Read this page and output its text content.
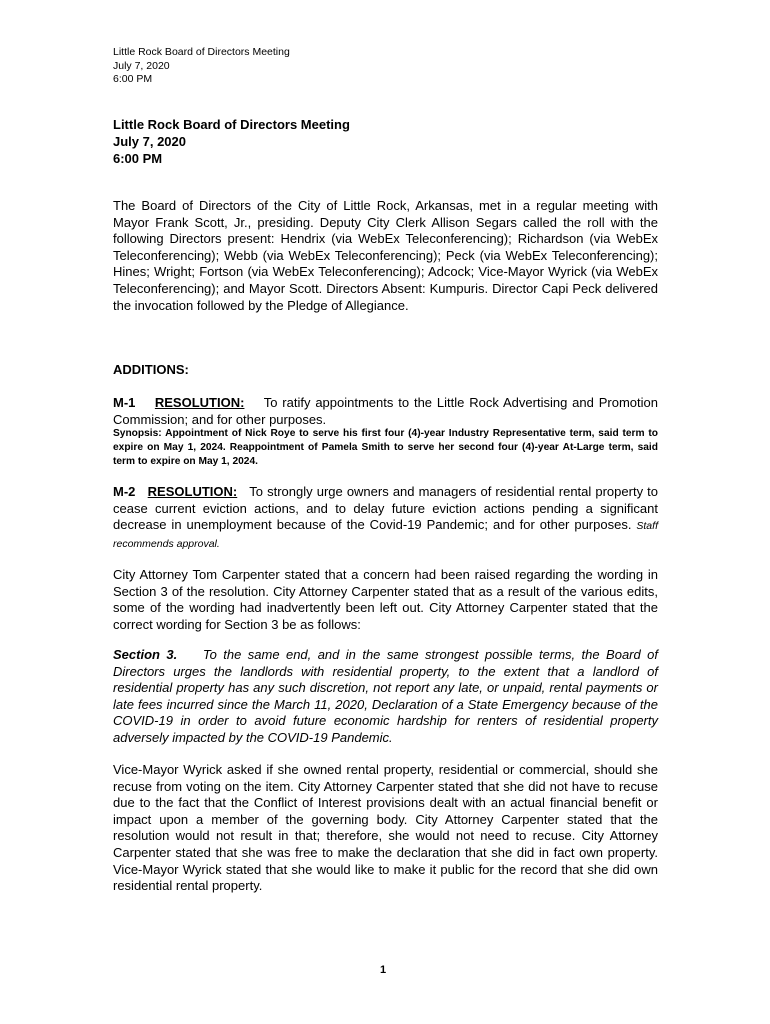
Little Rock Board of Directors Meeting
July 7, 2020
6:00 PM
Little Rock Board of Directors Meeting
July 7, 2020
6:00 PM
The Board of Directors of the City of Little Rock, Arkansas, met in a regular meeting with Mayor Frank Scott, Jr., presiding. Deputy City Clerk Allison Segars called the roll with the following Directors present: Hendrix (via WebEx Teleconferencing); Richardson (via WebEx Teleconferencing); Webb (via WebEx Teleconferencing); Peck (via WebEx Teleconferencing); Hines; Wright; Fortson (via WebEx Teleconferencing); Adcock; Vice-Mayor Wyrick (via WebEx Teleconferencing); and Mayor Scott. Directors Absent: Kumpuris. Director Capi Peck delivered the invocation followed by the Pledge of Allegiance.
ADDITIONS:
M-1 RESOLUTION: To ratify appointments to the Little Rock Advertising and Promotion Commission; and for other purposes.
Synopsis: Appointment of Nick Roye to serve his first four (4)-year Industry Representative term, said term to expire on May 1, 2024. Reappointment of Pamela Smith to serve her second four (4)-year At-Large term, said term to expire on May 1, 2024.
M-2 RESOLUTION: To strongly urge owners and managers of residential rental property to cease current eviction actions, and to delay future eviction actions pending a significant decrease in unemployment because of the Covid-19 Pandemic; and for other purposes. Staff recommends approval.
City Attorney Tom Carpenter stated that a concern had been raised regarding the wording in Section 3 of the resolution. City Attorney Carpenter stated that as a result of the various edits, some of the wording had inadvertently been left out. City Attorney Carpenter stated that the correct wording for Section 3 be as follows:
Section 3. To the same end, and in the same strongest possible terms, the Board of Directors urges the landlords with residential property, to the extent that a landlord of residential property has any such discretion, not report any late, or unpaid, rental payments or late fees incurred since the March 11, 2020, Declaration of a State Emergency because of the COVID-19 in order to avoid future economic hardship for renters of residential property adversely impacted by the COVID-19 Pandemic.
Vice-Mayor Wyrick asked if she owned rental property, residential or commercial, should she recuse from voting on the item. City Attorney Carpenter stated that she did not have to recuse due to the fact that the Conflict of Interest provisions dealt with an actual financial benefit or impact upon a member of the governing body. City Attorney Carpenter stated that the resolution would not result in that; therefore, she would not need to recuse. City Attorney Carpenter stated that she was free to make the declaration that she did in fact own property. Vice-Mayor Wyrick stated that she would like to make it public for the record that she did own residential rental property.
1
